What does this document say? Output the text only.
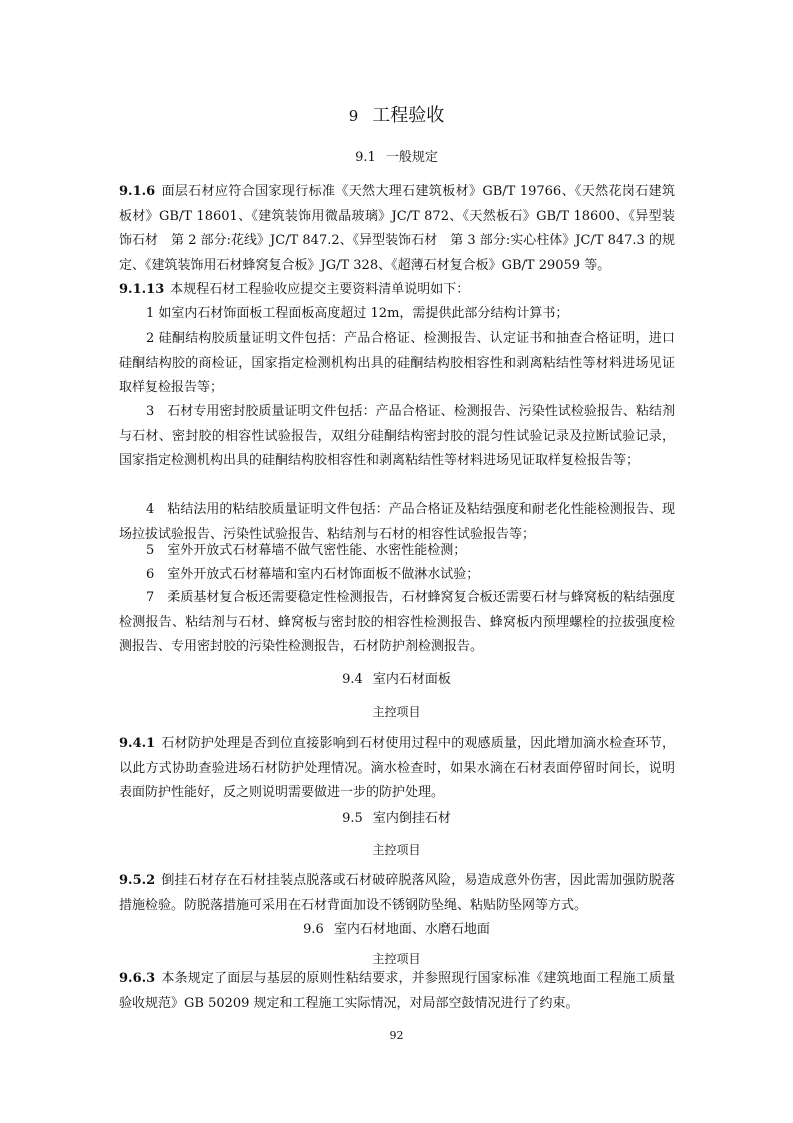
9 工程验收
9.1 一般规定

9.1.6 面层石材应符合国家现行标准《天然大理石建筑板材》GB/T 19766、《天然花岗石建筑板材》GB/T 18601、《建筑装饰用微晶玻璃》JC/T 872、《天然板石》GB/T 18600、《异型装饰石材　第 2 部分:花线》JC/T 847.2、《异型装饰石材　第 3 部分:实心柱体》JC/T 847.3 的规定、《建筑装饰用石材蜂窝复合板》JG/T 328、《超薄石材复合板》GB/T 29059 等。

9.1.13 本规程石材工程验收应提交主要资料清单说明如下：

1 如室内石材饰面板工程面板高度超过 12m，需提供此部分结构计算书；

2 硅酮结构胶质量证明文件包括：产品合格证、检测报告、认定证书和抽查合格证明，进口硅酮结构胶的商检证，国家指定检测机构出具的硅酮结构胶相容性和剥离粘结性等材料进场见证取样复检报告等；

3　石材专用密封胶质量证明文件包括：产品合格证、检测报告、污染性试检验报告、粘结剂与石材、密封胶的相容性试验报告，双组分硅酮结构密封胶的混匀性试验记录及拉断试验记录，国家指定检测机构出具的硅酮结构胶相容性和剥离粘结性等材料进场见证取样复检报告等；

4　粘结法用的粘结胶质量证明文件包括：产品合格证及粘结强度和耐老化性能检测报告、现场拉拔试验报告、污染性试验报告、粘结剂与石材的相容性试验报告等；

5　室外开放式石材幕墙不做气密性能、水密性能检测；

6　室外开放式石材幕墙和室内石材饰面板不做淋水试验；

7　柔质基材复合板还需要稳定性检测报告，石材蜂窝复合板还需要石材与蜂窝板的粘结强度检测报告、粘结剂与石材、蜂窝板与密封胶的相容性检测报告、蜂窝板内预埋螺栓的拉拔强度检测报告、专用密封胶的污染性检测报告，石材防护剂检测报告。

9.4 室内石材面板
主控项目

9.4.1 石材防护处理是否到位直接影响到石材使用过程中的观感质量，因此增加滴水检查环节，以此方式协助查验进场石材防护处理情况。滴水检查时，如果水滴在石材表面停留时间长，说明表面防护性能好，反之则说明需要做进一步的防护处理。

9.5 室内倒挂石材
主控项目

9.5.2 倒挂石材存在石材挂装点脱落或石材破碎脱落风险，易造成意外伤害，因此需加强防脱落措施检验。防脱落措施可采用在石材背面加设不锈钢防坠绳、粘贴防坠网等方式。

9.6 室内石材地面、水磨石地面
主控项目

9.6.3 本条规定了面层与基层的原则性粘结要求，并参照现行国家标准《建筑地面工程施工质量验收规范》GB 50209 规定和工程施工实际情况，对局部空鼓情况进行了约束。

92
